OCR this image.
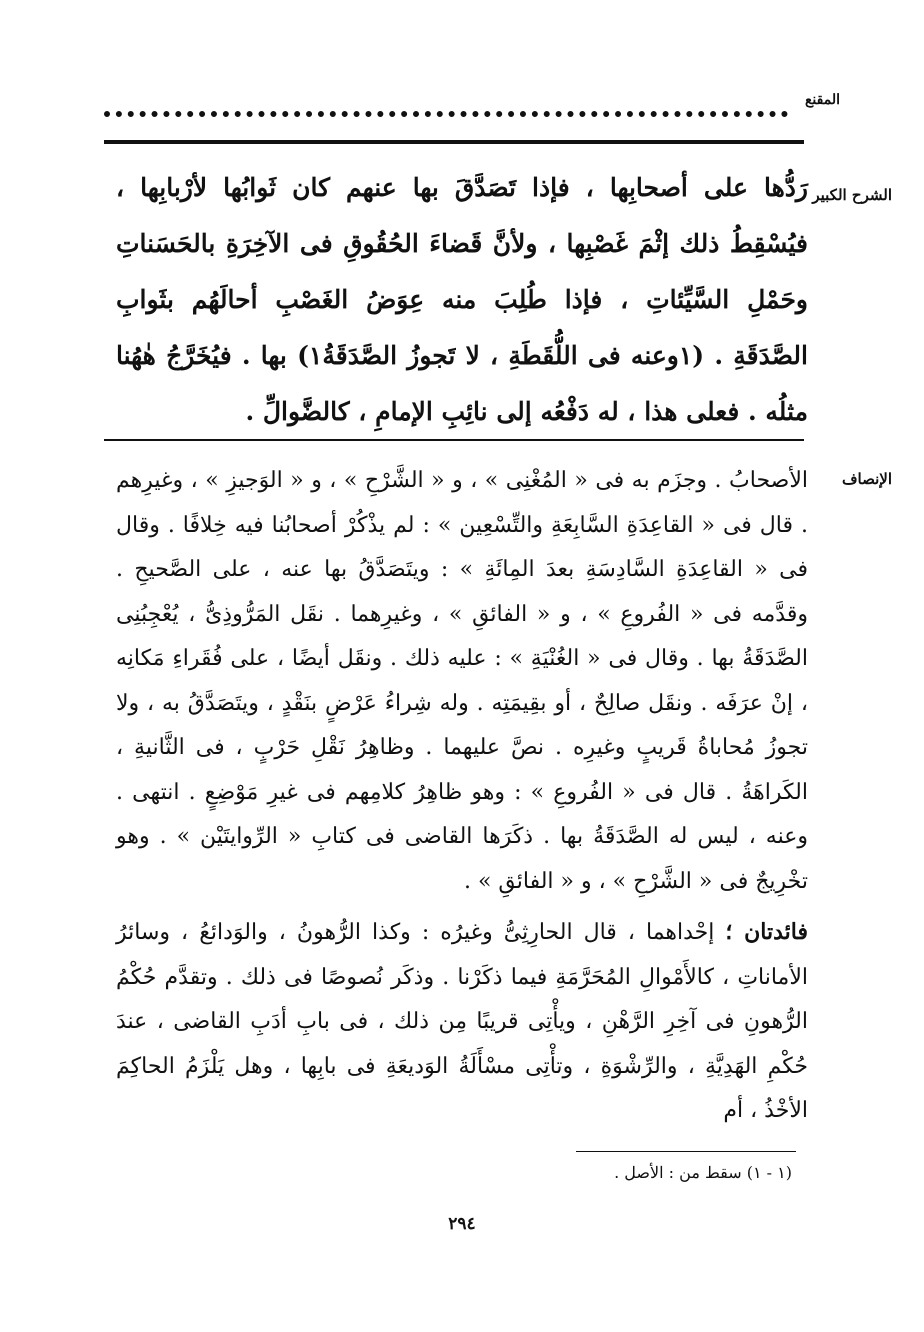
المقنع
الشرح الكبير

رَدُّها على أصحابِها ، فإذا تَصَدَّقَ بها عنهم كان ثَوابُها لأرْبابِها ، فيُسْقِطُ ذلك إثْمَ غَصْبِها ، ولأنَّ قَضاءَ الحُقُوقِ فى الآخِرَةِ بالحَسَناتِ وحَمْلِ السَّيِّئاتِ ، فإذا طُلِبَ منه عِوَضُ الغَصْبِ أحالَهُم بثَوابِ الصَّدَقَةِ . (١وعنه فى اللُّقَطَةِ ، لا تَجوزُ الصَّدَقَةُ١) بها . فيُخَرَّجُ هٰهُنا مثلُه . فعلى هذا ، له دَفْعُه إلى نائِبِ الإمامِ ، كالضَّوالِّ .

الإنصاف

الأصحابُ . وجزَم به فى « المُغْنِى » ، و « الشَّرْحِ » ، و « الوَجيزِ » ، وغيرِهم . قال فى « القاعِدَةِ السَّابِعَةِ والتِّسْعِين » : لم يذْكُرْ أصحابُنا فيه خِلافًا . وقال فى « القاعِدَةِ السَّادِسَةِ بعدَ المِائَةِ » : ويتَصَدَّقُ بها عنه ، على الصَّحيحِ . وقدَّمه فى « الفُروعِ » ، و « الفائقِ » ، وغيرِهما . نقَل المَرُّوذِىُّ ، يُعْجِبُنِى الصَّدَقَةُ بها . وقال فى « الغُنْيَةِ » : عليه ذلك . ونقَل أيضًا ، على فُقَراءِ مَكانِه ، إنْ عرَفَه . ونقَل صالِحٌ ، أو بقِيمَتِه . وله شِراءُ عَرْضٍ بنَقْدٍ ، ويتَصَدَّقُ به ، ولا تجوزُ مُحاباةُ قَريبٍ وغيرِه . نصَّ عليهما . وظاهِرُ نَقْلِ حَرْبٍ ، فى الثَّانيةِ ، الكَراهَةُ . قال فى « الفُروعِ » : وهو ظاهِرُ كلامِهم فى غيرِ مَوْضِعٍ . انتهى . وعنه ، ليس له الصَّدَقَةُ بها . ذكَرَها القاضى فى كتابِ « الرِّوايتَيْن » . وهو تخْرِيجٌ فى « الشَّرْحِ » ، و « الفائقِ » .

فائدتان ؛ إحْداهما ، قال الحارِثِىُّ وغيرُه : وكذا الرُّهونُ ، والوَدائعُ ، وسائرُ الأماناتِ ، كالأَمْوالِ المُحَرَّمَةِ فيما ذكَرْنا . وذكَر نُصوصًا فى ذلك . وتقدَّم حُكْمُ الرُّهونِ فى آخِرِ الرَّهْنِ ، ويأْتِى قريبًا مِن ذلك ، فى بابِ أدَبِ القاضى ، عندَ حُكْمِ الهَدِيَّةِ ، والرِّشْوَةِ ، وتأْتِى مسْأَلَةُ الوَديعَةِ فى بابِها ، وهل يَلْزَمُ الحاكِمَ الأخْذُ ، أم

(١ - ١) سقط من : الأصل .
٢٩٤
